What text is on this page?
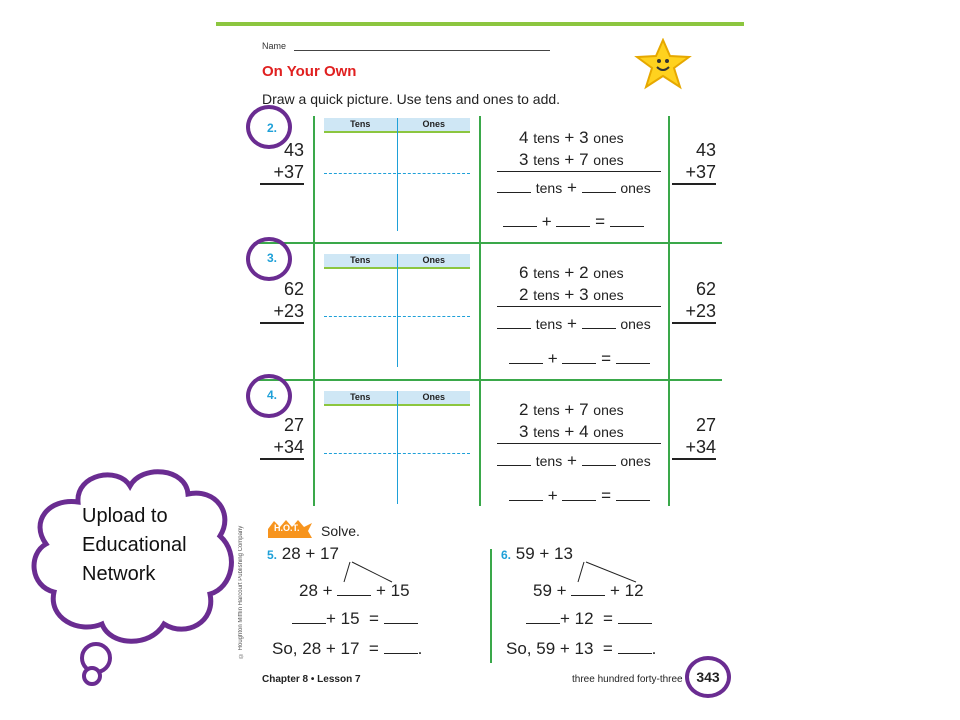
Name
On Your Own
Draw a quick picture. Use tens and ones to add.
2.
43
+37
Tens	Ones
4 tens + 3 ones
3 tens + 7 ones
tens +	ones
+	=
43
+37
3.
62
+23
Tens	Ones
6 tens + 2 ones
2 tens + 3 ones
tens +	ones
+	=
62
+23
4.
27
+34
Tens	Ones
2 tens + 7 ones
3 tens + 4 ones
tens +	ones
+	=
27
+34
H.O.T. Solve.
© Houghton Mifflin Harcourt Publishing Company	5. 28 + 17
28 +	+ 15
+ 15 =
So, 28 + 17 = .
6. 59 + 13
59 +	+ 12
+ 12 =
So, 59 + 13 = .
Chapter 8 • Lesson 7	three hundred forty-three 343
Upload to
Educational
Network
